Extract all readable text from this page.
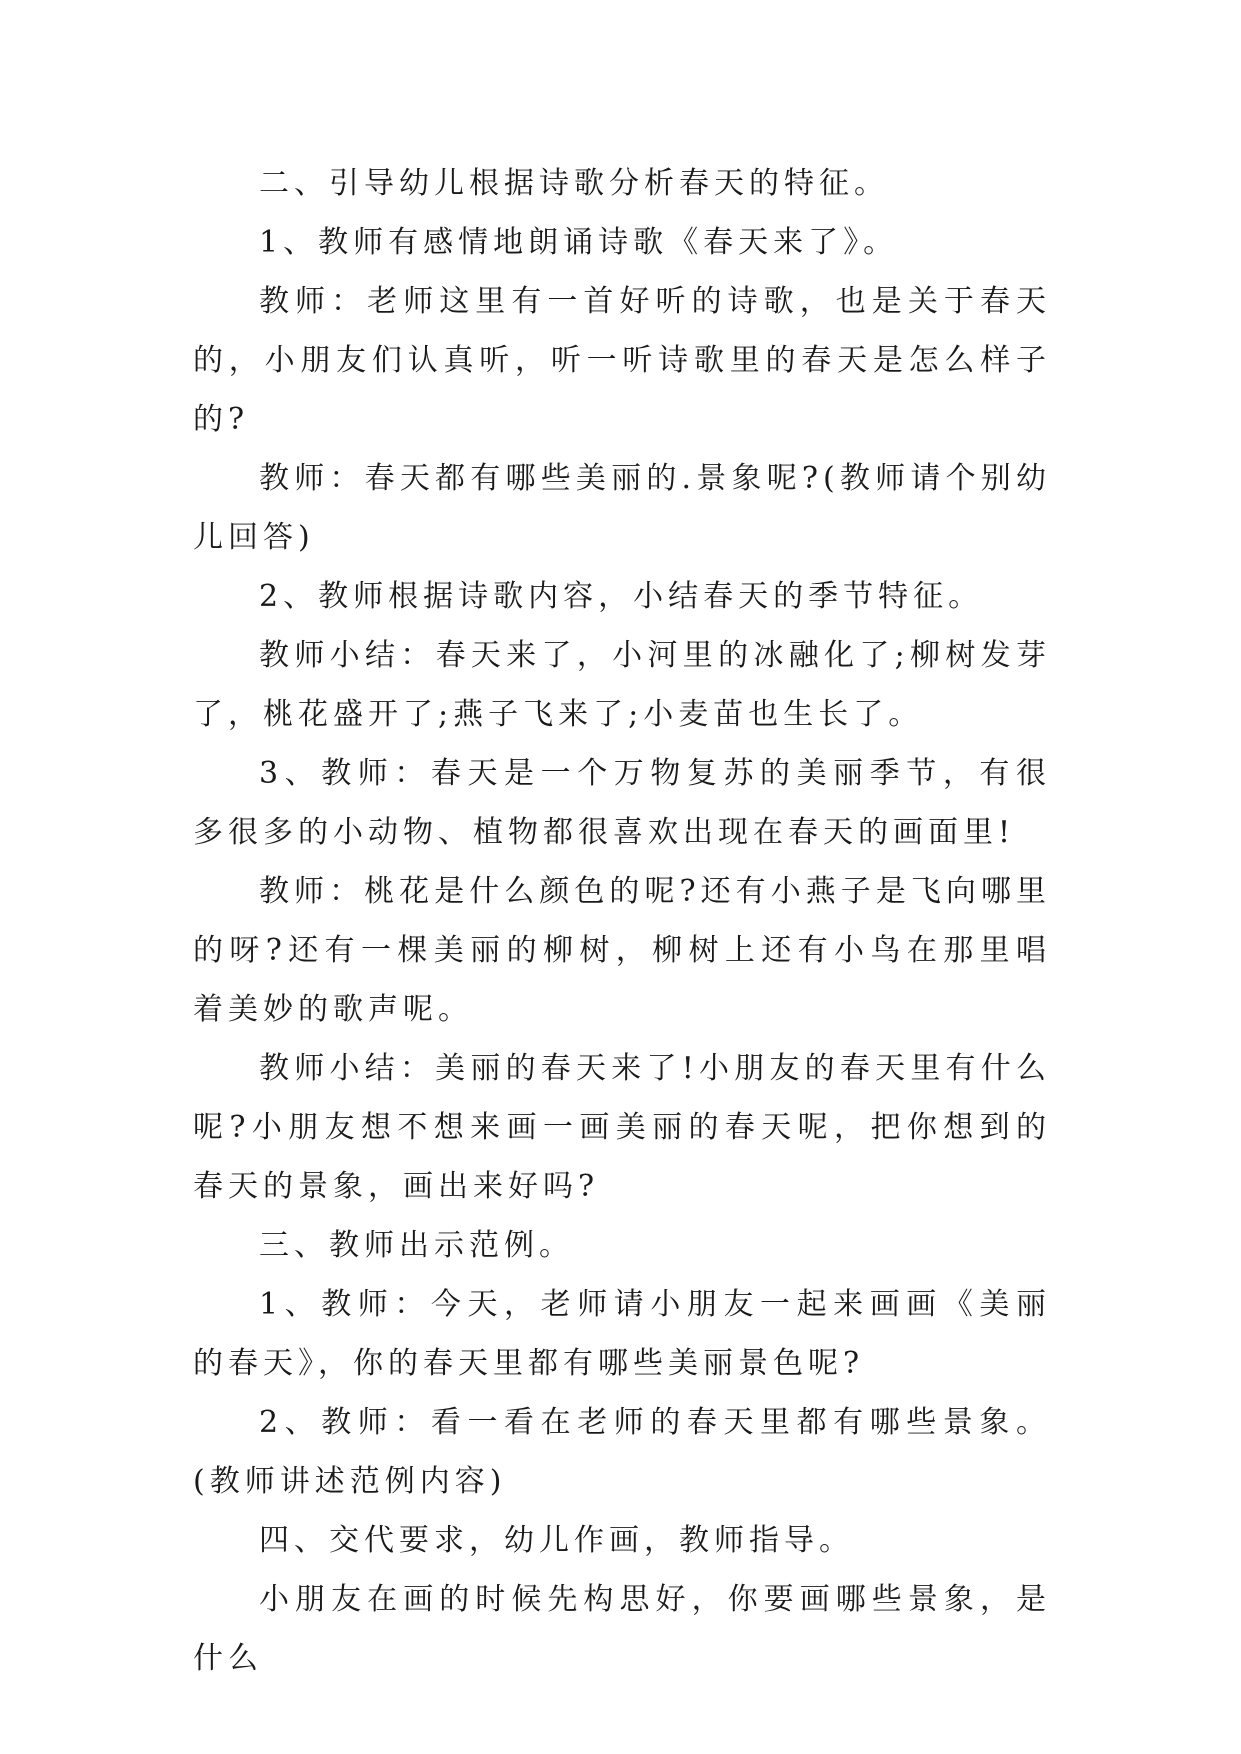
二、引导幼儿根据诗歌分析春天的特征。

1、教师有感情地朗诵诗歌《春天来了》。

教师：老师这里有一首好听的诗歌，也是关于春天的，小朋友们认真听，听一听诗歌里的春天是怎么样子的?

教师：春天都有哪些美丽的.景象呢?(教师请个别幼儿回答)

2、教师根据诗歌内容，小结春天的季节特征。

教师小结：春天来了，小河里的冰融化了;柳树发芽了，桃花盛开了;燕子飞来了;小麦苗也生长了。

3、教师：春天是一个万物复苏的美丽季节，有很多很多的小动物、植物都很喜欢出现在春天的画面里!

教师：桃花是什么颜色的呢?还有小燕子是飞向哪里的呀?还有一棵美丽的柳树，柳树上还有小鸟在那里唱着美妙的歌声呢。

教师小结：美丽的春天来了!小朋友的春天里有什么呢?小朋友想不想来画一画美丽的春天呢，把你想到的春天的景象，画出来好吗?

三、教师出示范例。

1、教师：今天，老师请小朋友一起来画画《美丽的春天》，你的春天里都有哪些美丽景色呢?

2、教师：看一看在老师的春天里都有哪些景象。(教师讲述范例内容)

四、交代要求，幼儿作画，教师指导。

小朋友在画的时候先构思好，你要画哪些景象，是什么
